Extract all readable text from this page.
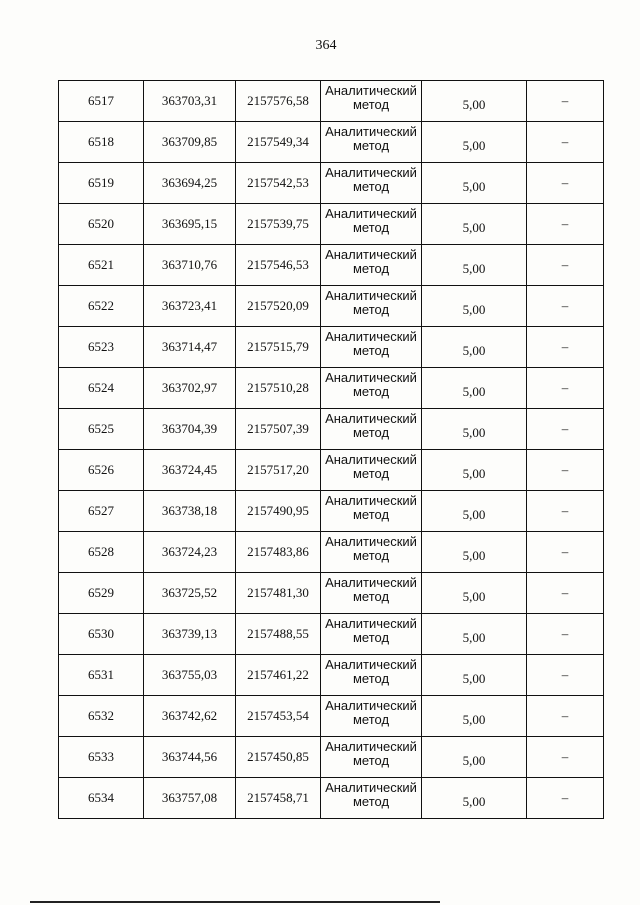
364
6517	363703,31	2157576,58	Аналитический метод	5,00	–
6518	363709,85	2157549,34	Аналитический метод	5,00	–
6519	363694,25	2157542,53	Аналитический метод	5,00	–
6520	363695,15	2157539,75	Аналитический метод	5,00	–
6521	363710,76	2157546,53	Аналитический метод	5,00	–
6522	363723,41	2157520,09	Аналитический метод	5,00	–
6523	363714,47	2157515,79	Аналитический метод	5,00	–
6524	363702,97	2157510,28	Аналитический метод	5,00	–
6525	363704,39	2157507,39	Аналитический метод	5,00	–
6526	363724,45	2157517,20	Аналитический метод	5,00	–
6527	363738,18	2157490,95	Аналитический метод	5,00	–
6528	363724,23	2157483,86	Аналитический метод	5,00	–
6529	363725,52	2157481,30	Аналитический метод	5,00	–
6530	363739,13	2157488,55	Аналитический метод	5,00	–
6531	363755,03	2157461,22	Аналитический метод	5,00	–
6532	363742,62	2157453,54	Аналитический метод	5,00	–
6533	363744,56	2157450,85	Аналитический метод	5,00	–
6534	363757,08	2157458,71	Аналитический метод	5,00	–
